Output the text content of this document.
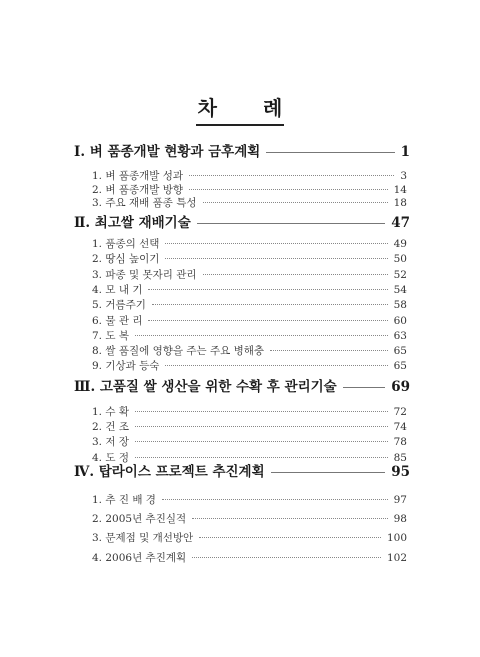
차 례
Ⅰ. 벼 품종개발 현황과 금후계획	1
1. 벼 품종개발 성과	3
2. 벼 품종개발 방향	14
3. 주요 재배 품종 특성	18
Ⅱ. 최고쌀 재배기술	47
1. 품종의 선택	49
2. 땅심 높이기	50
3. 파종 및 못자리 관리	52
4. 모 내 기	54
5. 거름주기	58
6. 물 관 리	60
7. 도 복	63
8. 쌀 품질에 영향을 주는 주요 병해충	65
9. 기상과 등숙	65
Ⅲ. 고품질 쌀 생산을 위한 수확 후 관리기술	69
1. 수 확	72
2. 건 조	74
3. 저 장	78
4. 도 정	85
Ⅳ. 탑라이스 프로젝트 추진계획	95
1. 추 진 배 경	97
2. 2005년 추진실적	98
3. 문제점 및 개선방안	100
4. 2006년 추진계획	102
